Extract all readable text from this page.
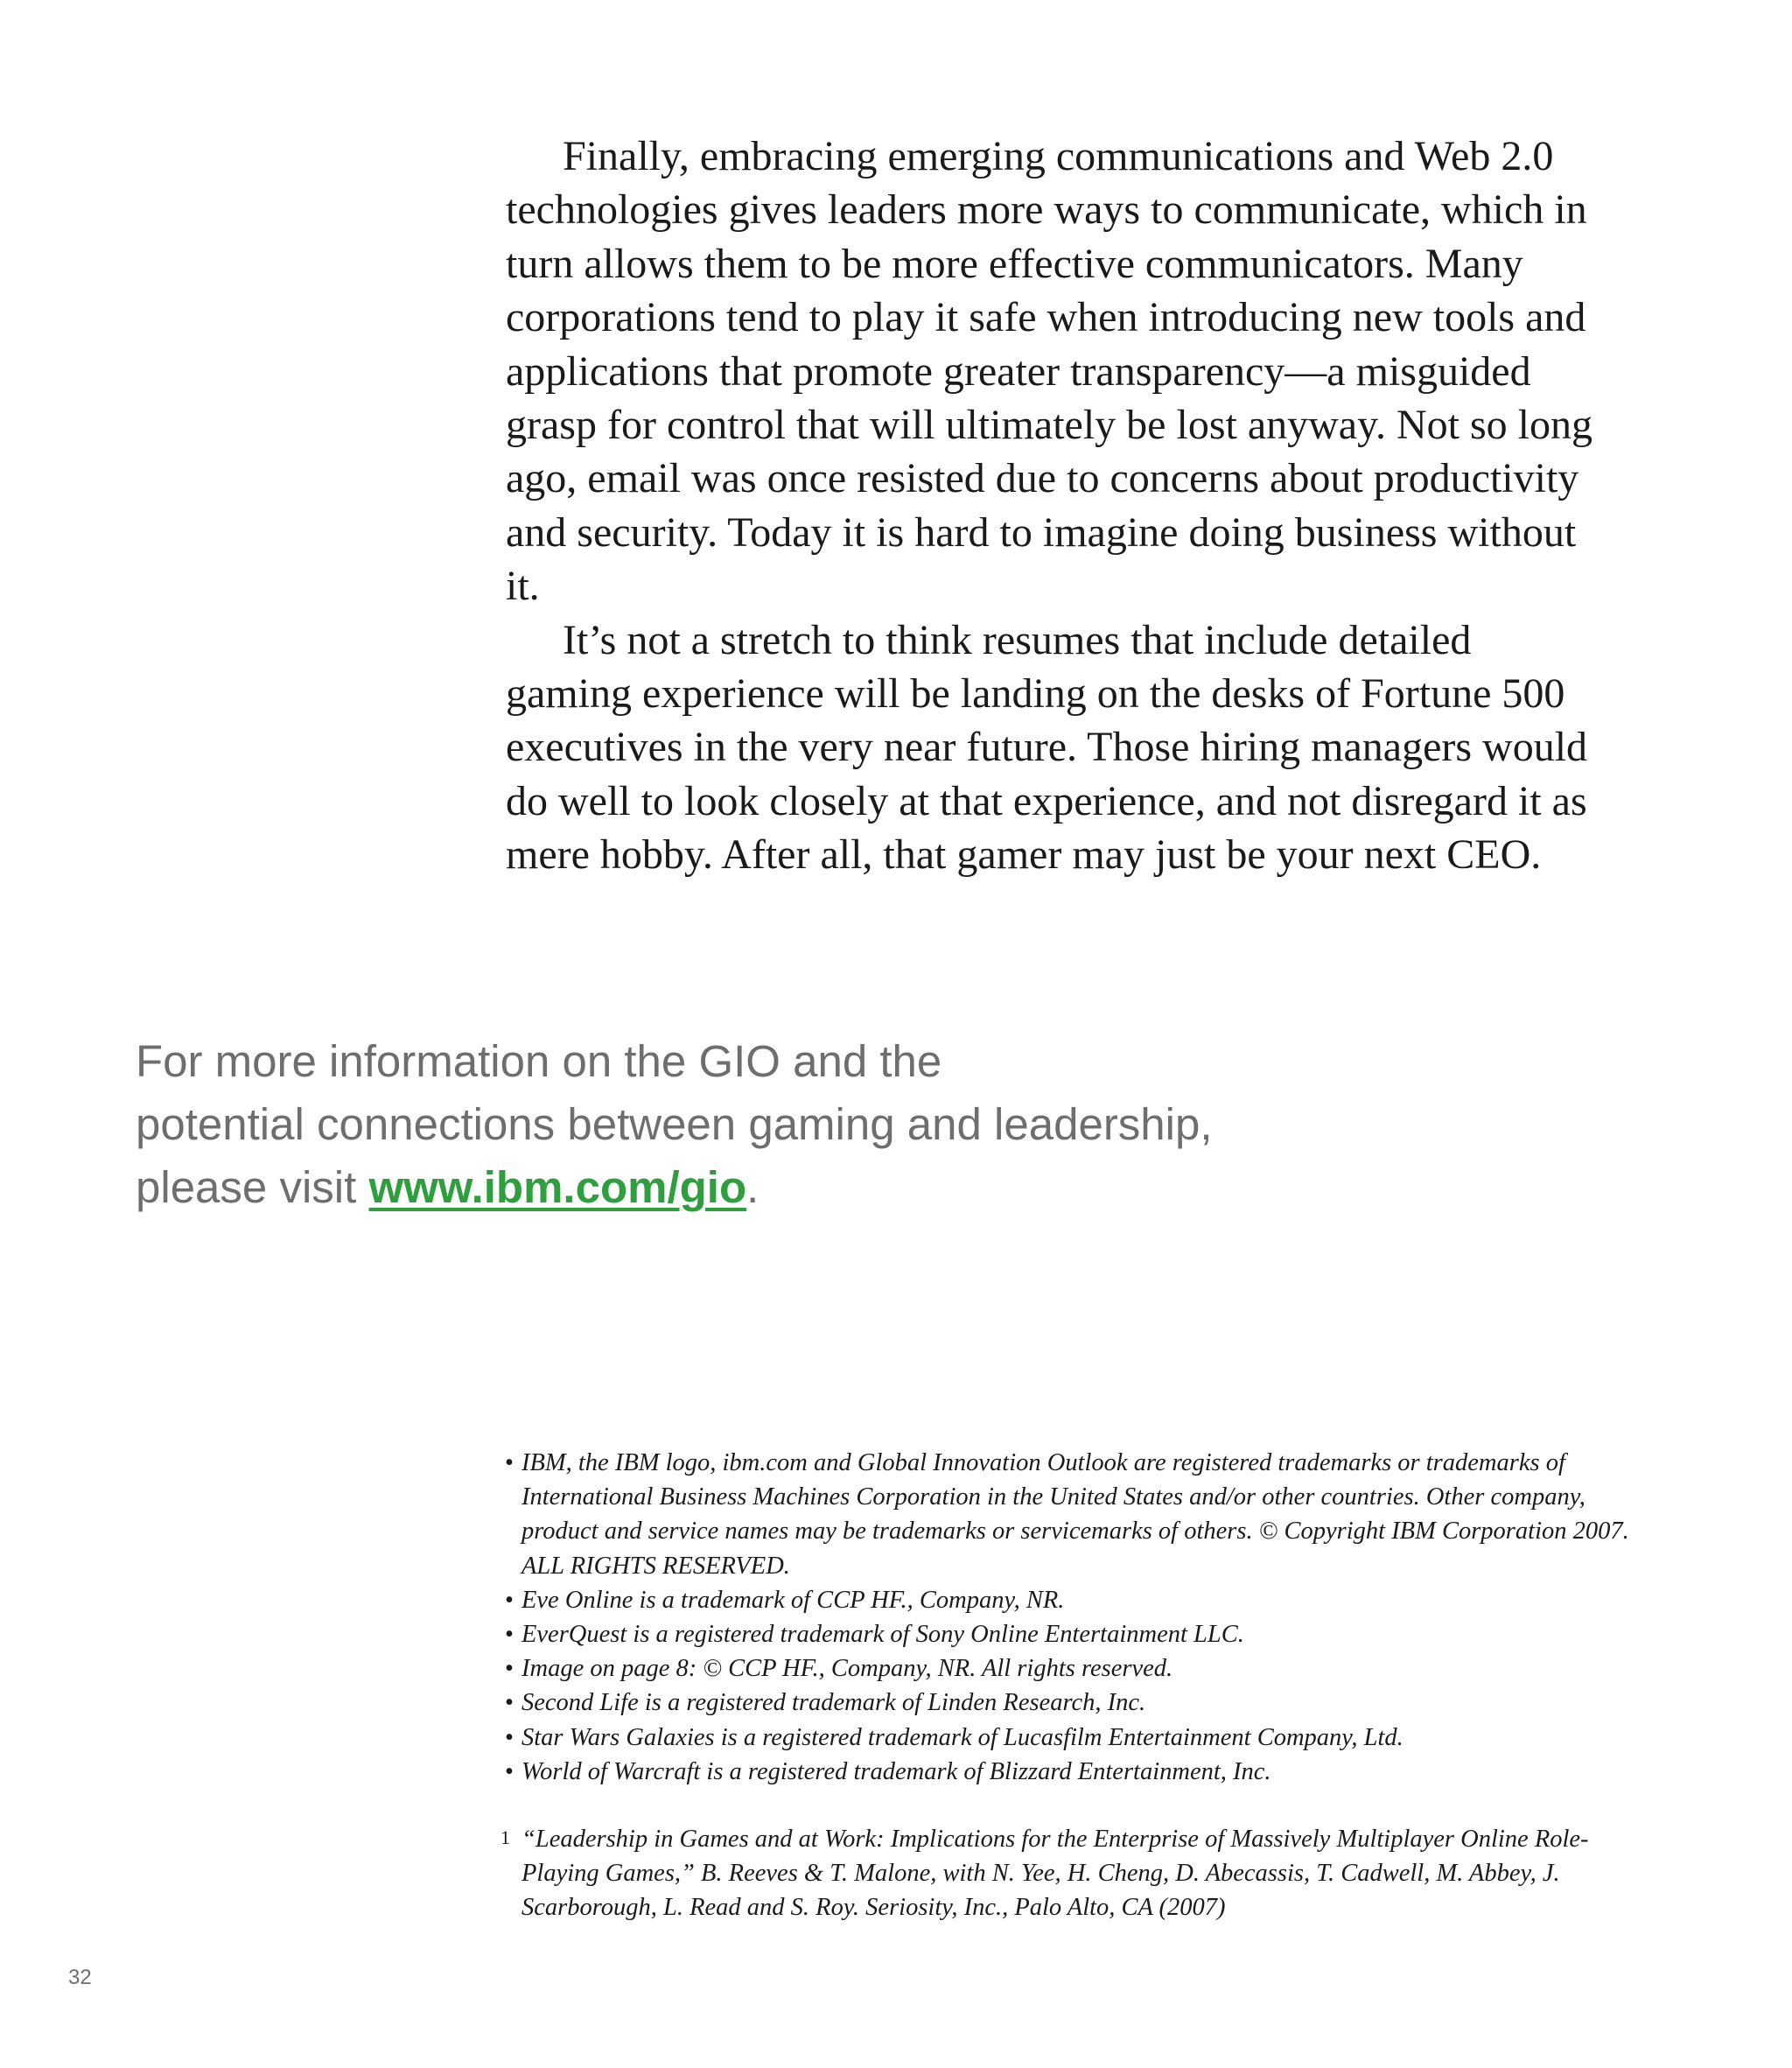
Finally, embracing emerging communications and Web 2.0 technologies gives leaders more ways to communicate, which in turn allows them to be more effective communicators. Many corporations tend to play it safe when introducing new tools and applications that promote greater transparency—a misguided grasp for control that will ultimately be lost anyway. Not so long ago, email was once resisted due to concerns about productivity and security. Today it is hard to imagine doing business without it.

It’s not a stretch to think resumes that include detailed gaming experience will be landing on the desks of Fortune 500 executives in the very near future. Those hiring managers would do well to look closely at that experience, and not disregard it as mere hobby. After all, that gamer may just be your next CEO.

For more information on the GIO and the
potential connections between gaming and leadership,
please visit www.ibm.com/gio.
• IBM, the IBM logo, ibm.com and Global Innovation Outlook are registered trademarks or trademarks of International Business Machines Corporation in the United States and/or other countries. Other company, product and service names may be trademarks or servicemarks of others. © Copyright IBM Corporation 2007. ALL RIGHTS RESERVED.
• Eve Online is a trademark of CCP HF., Company, NR.
• EverQuest is a registered trademark of Sony Online Entertainment LLC.
• Image on page 8: © CCP HF., Company, NR. All rights reserved.
• Second Life is a registered trademark of Linden Research, Inc.
• Star Wars Galaxies is a registered trademark of Lucasfilm Entertainment Company, Ltd.
• World of Warcraft is a registered trademark of Blizzard Entertainment, Inc.
1 “Leadership in Games and at Work: Implications for the Enterprise of Massively Multiplayer Online Role-Playing Games,” B. Reeves & T. Malone, with N. Yee, H. Cheng, D. Abecassis, T. Cadwell, M. Abbey, J. Scarborough, L. Read and S. Roy. Seriosity, Inc., Palo Alto, CA (2007)
32
